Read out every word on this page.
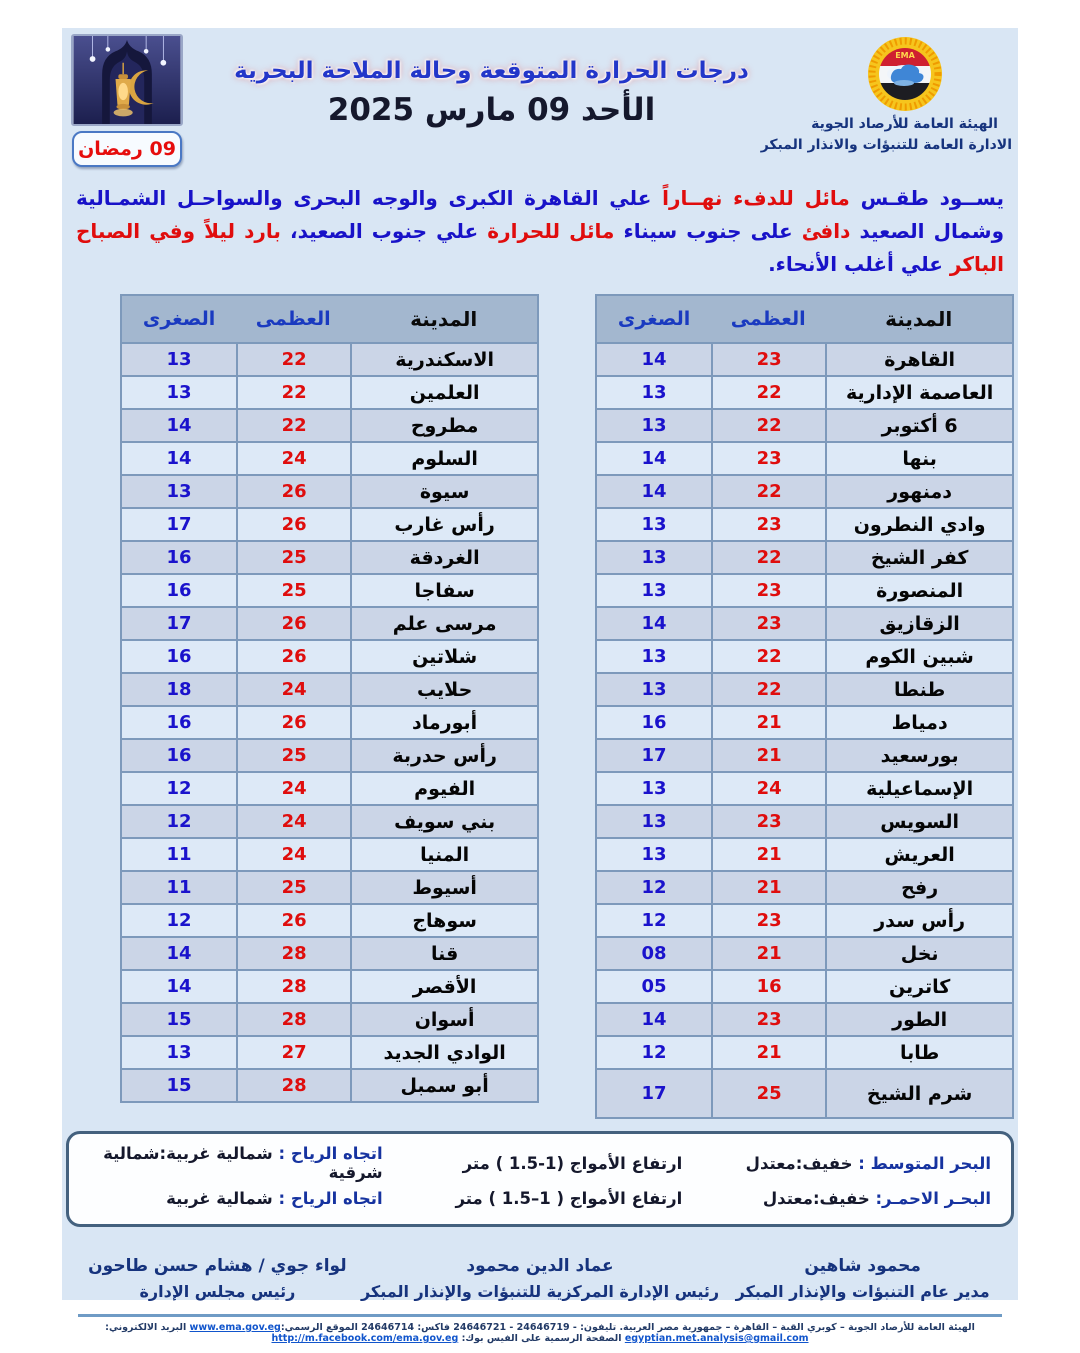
EMA
الهيئة العامة للأرصاد الجوية
الادارة العامة للتنبؤات والانذار المبكر
درجات الحرارة المتوقعة وحالة الملاحة البحرية
الأحد 09 مارس 2025
09 رمضان
يســود طقـس مائل للدفء نهــاراً علي القاهرة الكبرى والوجه البحرى والسواحـل الشمـالية وشمال الصعيد دافئ على جنوب سيناء مائل للحرارة علي جنوب الصعيد، بارد ليلاً وفي الصباح الباكر علي أغلب الأنحاء.
المدينة
العظمى
الصغرى
القاهرة
23
14
العاصمة الإدارية
22
13
6 أكتوبر
22
13
بنها
23
14
دمنهور
22
14
وادي النطرون
23
13
كفر الشيخ
22
13
المنصورة
23
13
الزقازيق
23
14
شبين الكوم
22
13
طنطا
22
13
دمياط
21
16
بورسعيد
21
17
الإسماعيلية
24
13
السويس
23
13
العريش
21
13
رفح
21
12
رأس سدر
23
12
نخل
21
08
كاترين
16
05
الطور
23
14
طابا
21
12
شرم الشيخ
25
17
المدينة
العظمى
الصغرى
الاسكندرية
22
13
العلمين
22
13
مطروح
22
14
السلوم
24
14
سيوة
26
13
رأس غارب
26
17
الغردقة
25
16
سفاجا
25
16
مرسى علم
26
17
شلاتين
26
16
حلايب
24
18
أبورماد
26
16
رأس حدربة
25
16
الفيوم
24
12
بني سويف
24
12
المنيا
24
11
أسيوط
25
11
سوهاج
26
12
قنا
28
14
الأقصر
28
14
أسوان
28
15
الوادي الجديد
27
13
أبو سمبل
28
15
البحر المتوسط : خفيف:معتدل
ارتفاع الأمواج (1-1.5 ) متر
اتجاه الرياح : شمالية غربية:شمالية شرقية
البحـر الاحمـر: خفيف:معتدل
ارتفاع الأمواج ( 1–1.5 ) متر
اتجاه الرياح : شمالية غربية
محمود شاهين
مدير عام التنبؤات والإنذار المبكر
عماد الدين محمود
رئيس الإدارة المركزية للتنبؤات والإنذار المبكر
لواء جوي / هشام حسن طاحون
رئيس مجلس الإدارة
الهيئة العامة للأرصاد الجوية – كوبري القبة – القاهرة – جمهورية مصر العربية. تليفون: - 24646719 - 24646721 فاكس: 24646714 الموقع الرسمي:www.ema.gov.eg البريد الالكتروني: egyptian.met.analysis@gmail.com الصفحة الرسمية على الفيس بوك: http://m.facebook.com/ema.gov.eg
